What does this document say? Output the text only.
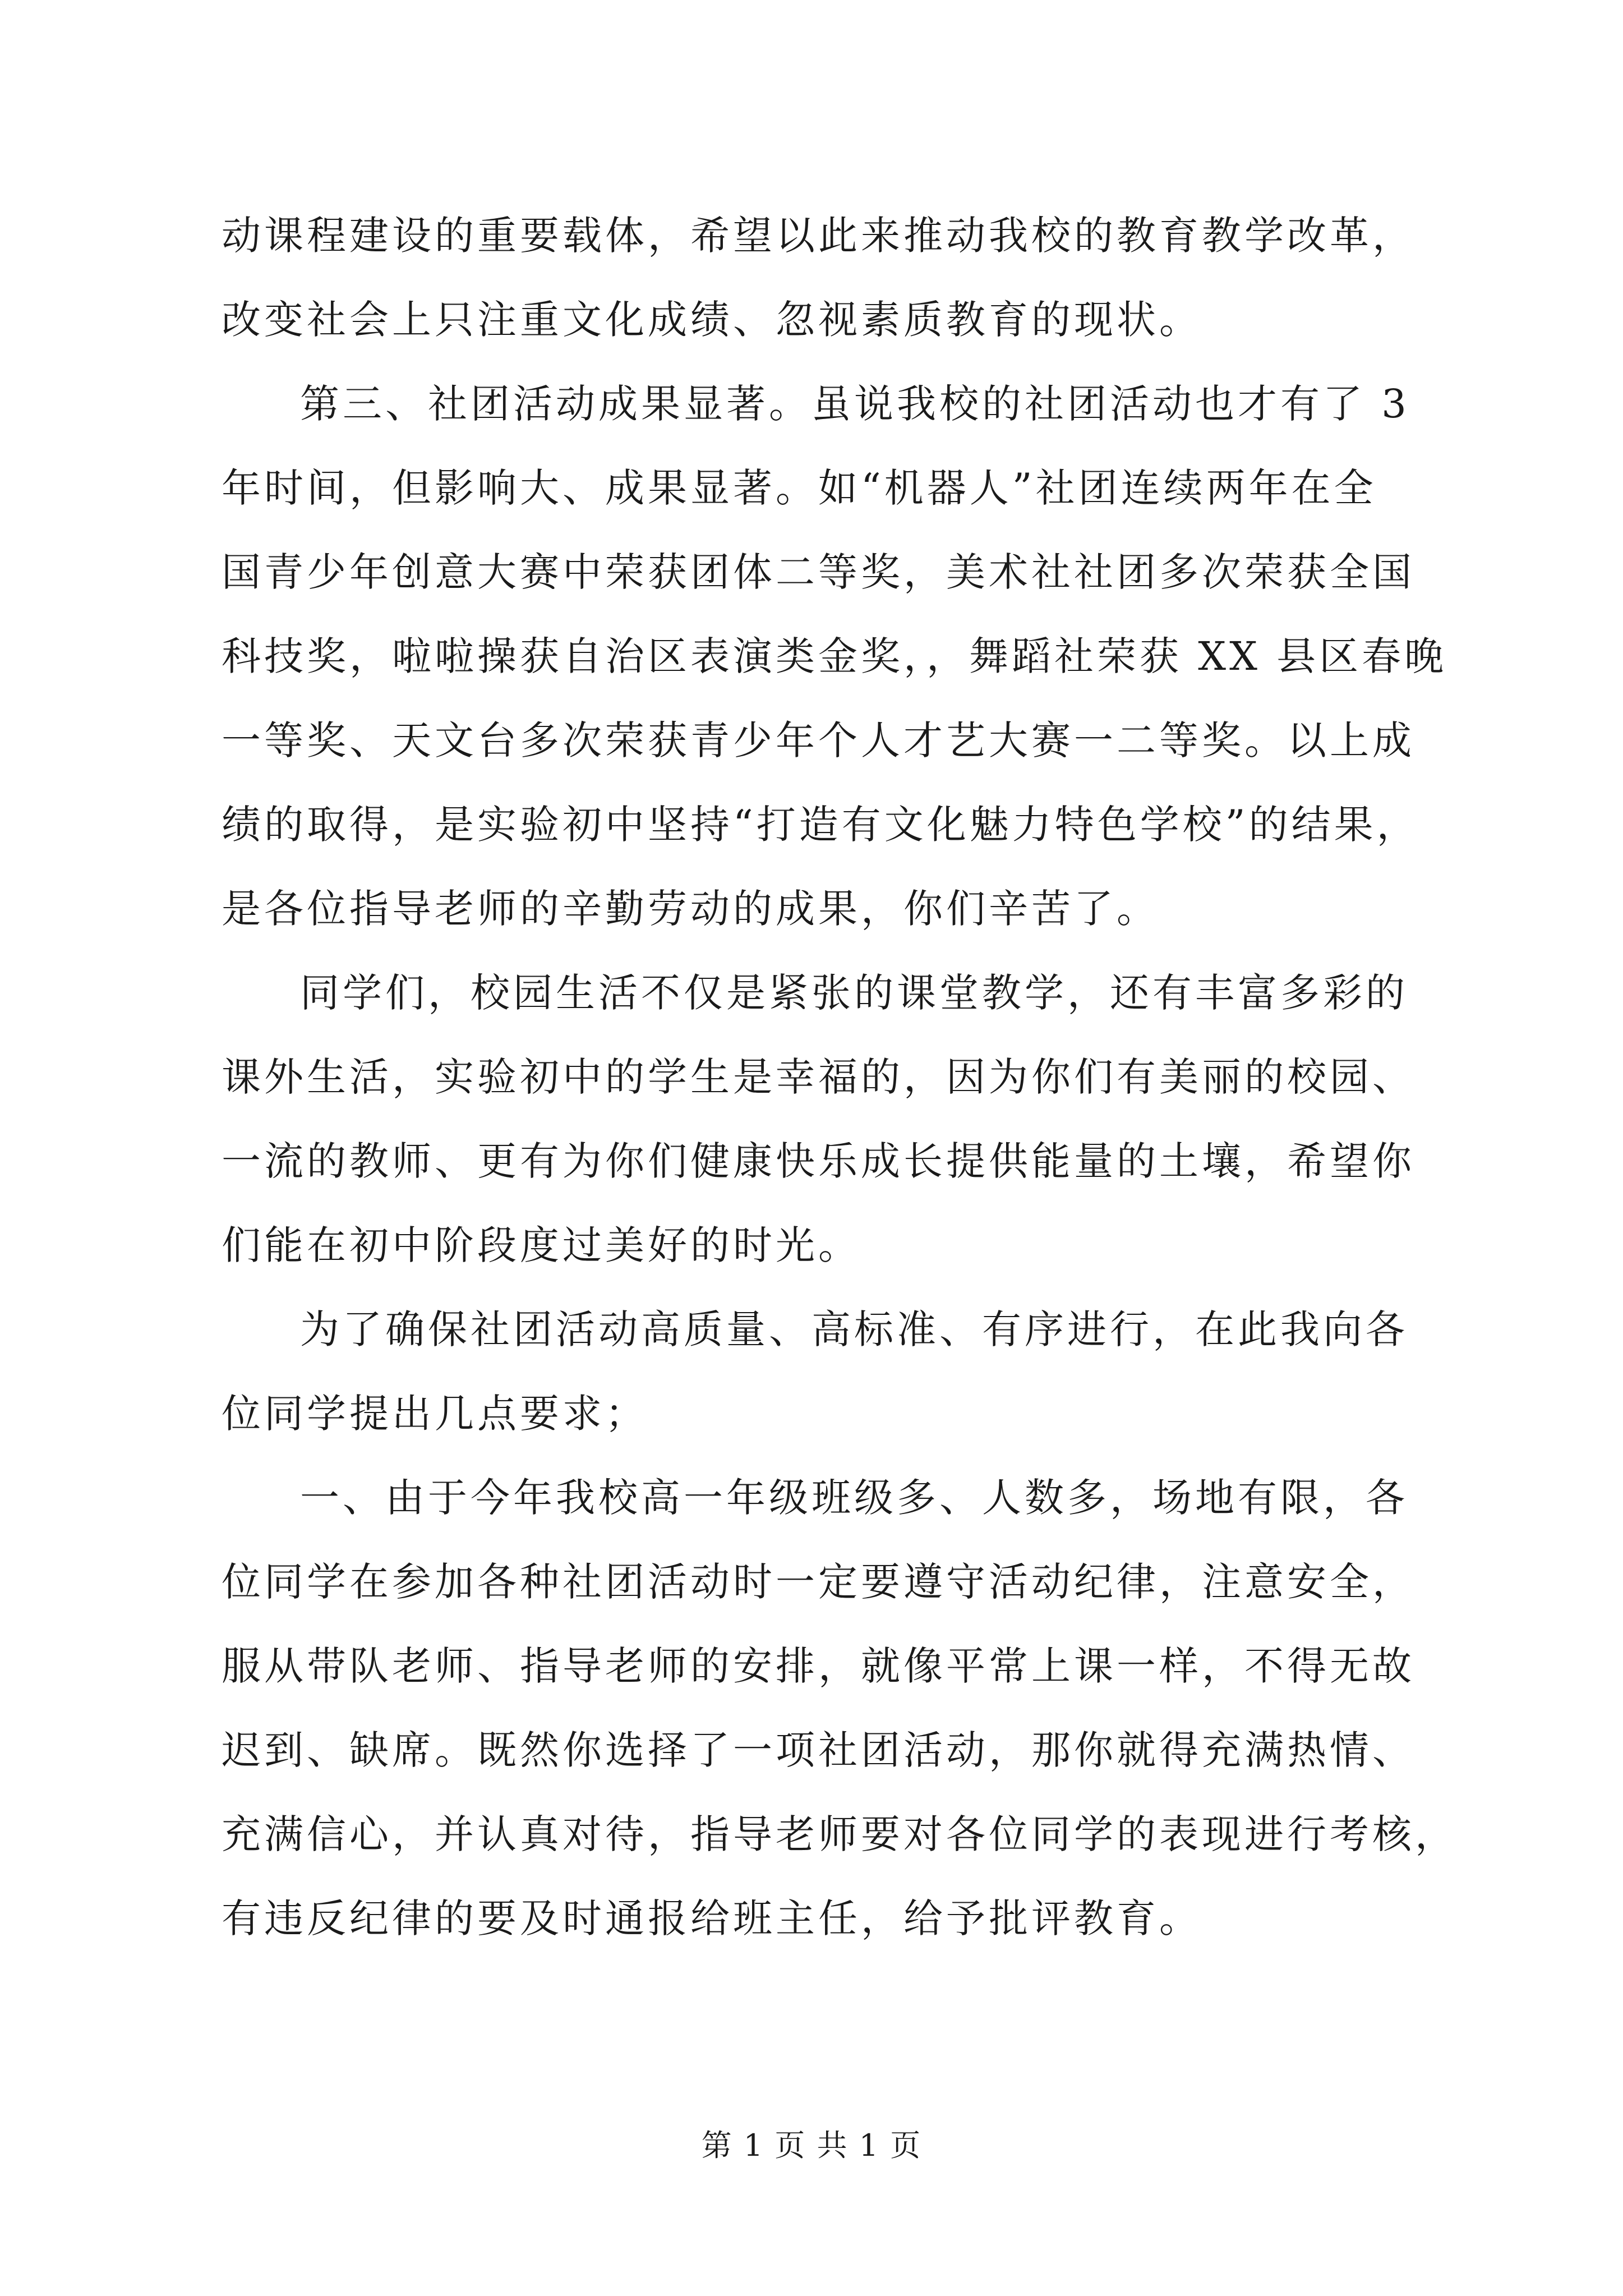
动课程建设的重要载体，希望以此来推动我校的教育教学改革，
改变社会上只注重文化成绩、忽视素质教育的现状。
第三、社团活动成果显著。虽说我校的社团活动也才有了 3
年时间，但影响大、成果显著。如“机器人”社团连续两年在全
国青少年创意大赛中荣获团体二等奖，美术社社团多次荣获全国
科技奖，啦啦操获自治区表演类金奖，，舞蹈社荣获 XX 县区春晚
一等奖、天文台多次荣获青少年个人才艺大赛一二等奖。以上成
绩的取得，是实验初中坚持“打造有文化魅力特色学校”的结果，
是各位指导老师的辛勤劳动的成果，你们辛苦了。
同学们，校园生活不仅是紧张的课堂教学，还有丰富多彩的
课外生活，实验初中的学生是幸福的，因为你们有美丽的校园、
一流的教师、更有为你们健康快乐成长提供能量的土壤，希望你
们能在初中阶段度过美好的时光。
为了确保社团活动高质量、高标准、有序进行，在此我向各
位同学提出几点要求；
一、由于今年我校高一年级班级多、人数多，场地有限，各
位同学在参加各种社团活动时一定要遵守活动纪律，注意安全，
服从带队老师、指导老师的安排，就像平常上课一样，不得无故
迟到、缺席。既然你选择了一项社团活动，那你就得充满热情、
充满信心，并认真对待，指导老师要对各位同学的表现进行考核，
有违反纪律的要及时通报给班主任，给予批评教育。
第 1 页 共 1 页
